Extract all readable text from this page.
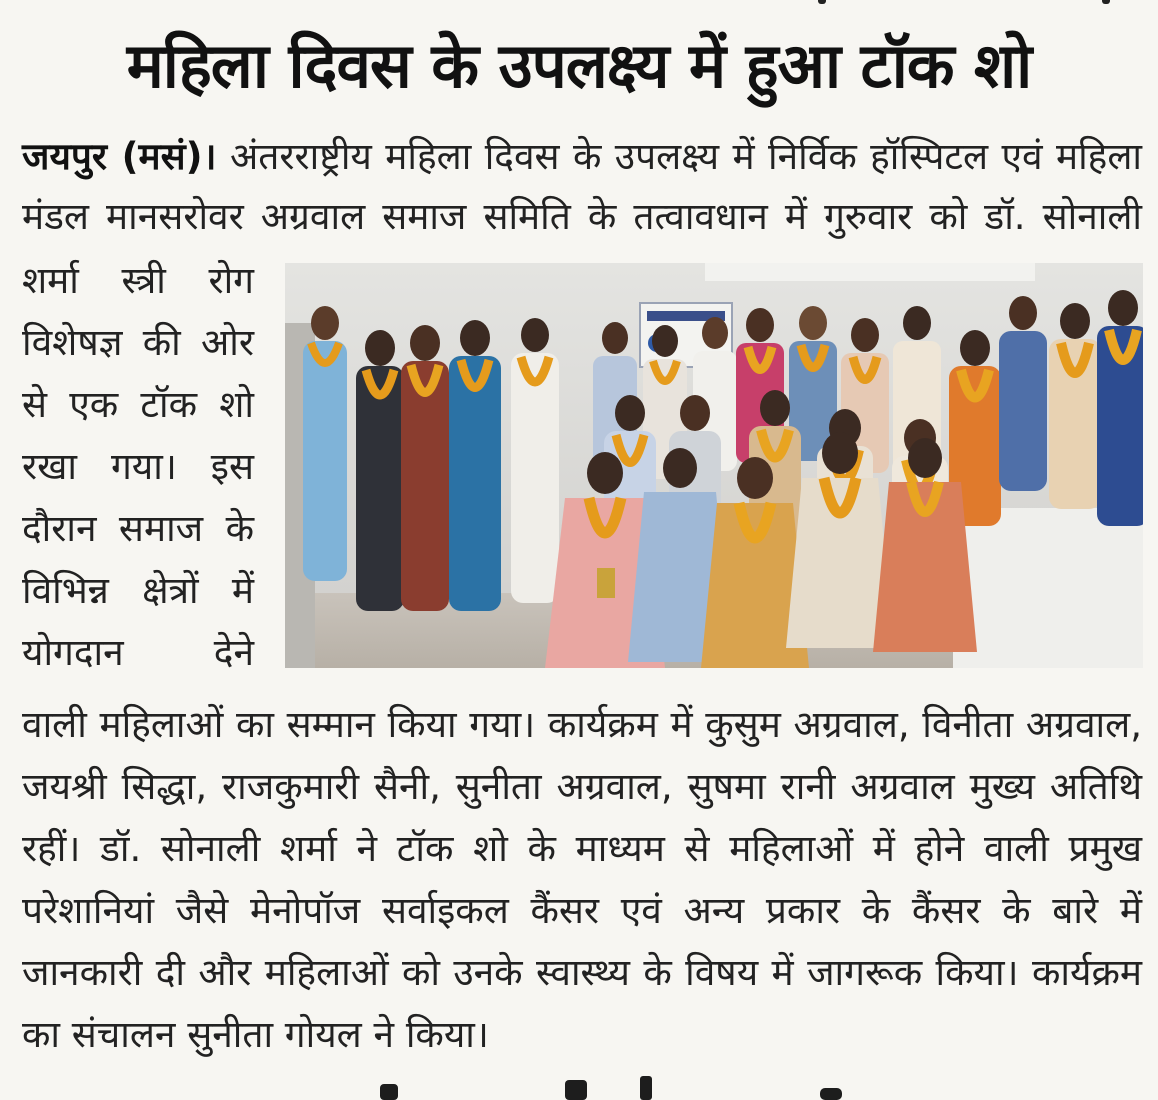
महिला दिवस के उपलक्ष्य में हुआ टॉक शो
जयपुर (मसं)। अंतरराष्ट्रीय महिला दिवस के उपलक्ष्य में निर्विक हॉस्पिटल एवं महिला
मंडल मानसरोवर अग्रवाल समाज समिति के तत्वावधान में गुरुवार को डॉ. सोनाली
शर्मा स्त्री रोग
विशेषज्ञ की ओर
से एक टॉक शो
रखा गया। इस
दौरान समाज के
विभिन्न क्षेत्रों में
योगदान देने
वाली महिलाओं का सम्मान किया गया। कार्यक्रम में कुसुम अग्रवाल, विनीता अग्रवाल,
जयश्री सिद्धा, राजकुमारी सैनी, सुनीता अग्रवाल, सुषमा रानी अग्रवाल मुख्य अतिथि
रहीं। डॉ. सोनाली शर्मा ने टॉक शो के माध्यम से महिलाओं में होने वाली प्रमुख
परेशानियां जैसे मेनोपॉज सर्वाइकल कैंसर एवं अन्य प्रकार के कैंसर के बारे में
जानकारी दी और महिलाओं को उनके स्वास्थ्य के विषय में जागरूक किया। कार्यक्रम
का संचालन सुनीता गोयल ने किया।
